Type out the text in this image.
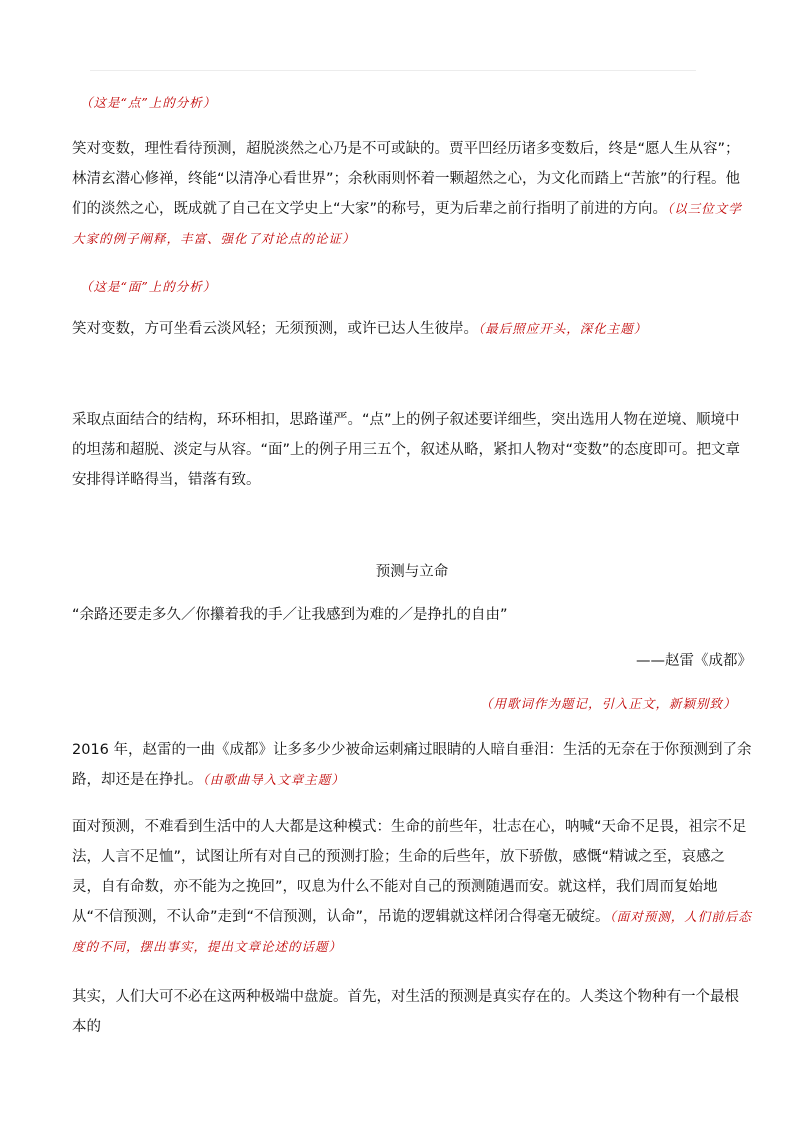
（这是“点”上的分析）

笑对变数，理性看待预测，超脱淡然之心乃是不可或缺的。贾平凹经历诸多变数后，终是“愿人生从容”；林清玄潜心修禅，终能“以清净心看世界”；余秋雨则怀着一颗超然之心，为文化而踏上“苦旅”的行程。他们的淡然之心，既成就了自己在文学史上“大家”的称号，更为后辈之前行指明了前进的方向。（以三位文学大家的例子阐释，丰富、强化了对论点的论证）

（这是“面”上的分析）

笑对变数，方可坐看云淡风轻；无须预测，或许已达人生彼岸。（最后照应开头，深化主题）

采取点面结合的结构，环环相扣，思路谨严。“点”上的例子叙述要详细些，突出选用人物在逆境、顺境中的坦荡和超脱、淡定与从容。“面”上的例子用三五个，叙述从略，紧扣人物对“变数”的态度即可。把文章安排得详略得当，错落有致。

预测与立命

“余路还要走多久／你攥着我的手／让我感到为难的／是挣扎的自由”

——赵雷《成都》

（用歌词作为题记，引入正文，新颖别致）

2016 年，赵雷的一曲《成都》让多多少少被命运刺痛过眼睛的人暗自垂泪：生活的无奈在于你预测到了余路，却还是在挣扎。（由歌曲导入文章主题）

面对预测，不难看到生活中的人大都是这种模式：生命的前些年，壮志在心，呐喊“天命不足畏，祖宗不足法，人言不足恤”，试图让所有对自己的预测打脸；生命的后些年，放下骄傲，感慨“精诚之至，哀感之灵，自有命数，亦不能为之挽回”，叹息为什么不能对自己的预测随遇而安。就这样，我们周而复始地从“不信预测，不认命”走到“不信预测，认命”，吊诡的逻辑就这样闭合得毫无破绽。（面对预测，人们前后态度的不同，摆出事实，提出文章论述的话题）

其实，人们大可不必在这两种极端中盘旋。首先，对生活的预测是真实存在的。人类这个物种有一个最根本的
